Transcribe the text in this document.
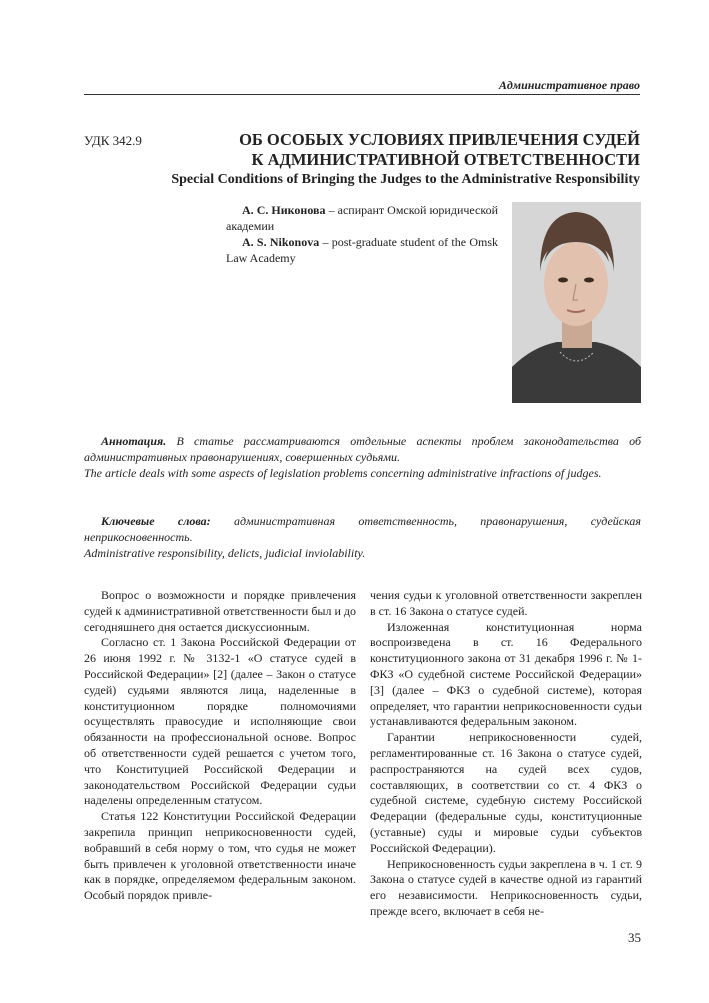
Административное право
УДК 342.9	ОБ ОСОБЫХ УСЛОВИЯХ ПРИВЛЕЧЕНИЯ СУДЕЙ
К АДМИНИСТРАТИВНОЙ ОТВЕТСТВЕННОСТИ
Special Conditions of Bringing the Judges to the Administrative Responsibility

А. С. Никонова – аспирант Омской юридической академии

A. S. Nikonova – post-graduate student of the Omsk Law Academy

Аннотация. В статье рассматриваются отдельные аспекты проблем законодательства об административных правонарушениях, совершенных судьями.

The article deals with some aspects of legislation problems concerning administrative infractions of judges.

Ключевые слова: административная ответственность, правонарушения, судейская неприкосновенность.

Administrative responsibility, delicts, judicial inviolability.

Вопрос о возможности и порядке привлечения судей к административной ответственности был и до сегодняшнего дня остается дискуссионным.

Согласно ст. 1 Закона Российской Федерации от 26 июня 1992 г. № 3132-1 «О статусе судей в Российской Федерации» [2] (далее – Закон о статусе судей) судьями являются лица, наделенные в конституционном порядке полномочиями осуществлять правосудие и исполняющие свои обязанности на профессиональной основе. Вопрос об ответственности судей решается с учетом того, что Конституцией Российской Федерации и законодательством Российской Федерации судьи наделены определенным статусом.

Статья 122 Конституции Российской Федерации закрепила принцип неприкосновенности судей, вобравший в себя норму о том, что судья не может быть привлечен к уголовной ответственности иначе как в порядке, определяемом федеральным законом. Особый порядок привле-

чения судьи к уголовной ответственности закреплен в ст. 16 Закона о статусе судей.

Изложенная конституционная норма воспроизведена в ст. 16 Федерального конституционного закона от 31 декабря 1996 г. № 1-ФКЗ «О судебной системе Российской Федерации» [3] (далее – ФКЗ о судебной системе), которая определяет, что гарантии неприкосновенности судьи устанавливаются федеральным законом.

Гарантии неприкосновенности судей, регламентированные ст. 16 Закона о статусе судей, распространяются на судей всех судов, составляющих, в соответствии со ст. 4 ФКЗ о судебной системе, судебную систему Российской Федерации (федеральные суды, конституционные (уставные) суды и мировые судьи субъектов Российской Федерации).

Неприкосновенность судьи закреплена в ч. 1 ст. 9 Закона о статусе судей в качестве одной из гарантий его независимости. Неприкосновенность судьи, прежде всего, включает в себя не-

35
